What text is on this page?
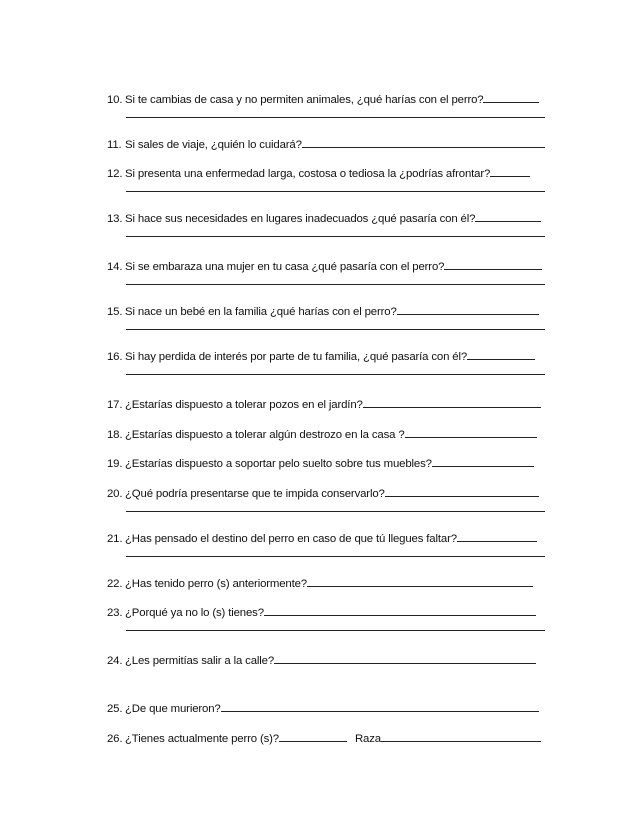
10. Si te cambias de casa y no permiten animales, ¿qué harías con el perro?
11. Si sales de viaje, ¿quién lo cuidará?
12. Si presenta una enfermedad larga, costosa o tediosa la ¿podrías afrontar?
13. Si hace sus necesidades en lugares inadecuados ¿qué pasaría con él?
14. Si se embaraza una mujer en tu casa ¿qué pasaría con el perro?
15. Si nace un bebé en la familia ¿qué harías con el perro?
16. Si hay perdida de interés por parte de tu familia, ¿qué pasaría con él?
17. ¿Estarías dispuesto a tolerar pozos en el jardín?
18. ¿Estarías dispuesto a tolerar algún destrozo en la casa ?
19. ¿Estarías dispuesto a soportar pelo suelto sobre tus muebles?
20. ¿Qué podría presentarse que te impida conservarlo?
21. ¿Has pensado el destino del perro en caso de que tú llegues faltar?
22. ¿Has tenido perro (s) anteriormente?
23. ¿Porqué ya no lo (s) tienes?
24. ¿Les permitías salir a la calle?
25. ¿De que murieron?
26. ¿Tienes actualmente perro (s)?	Raza
